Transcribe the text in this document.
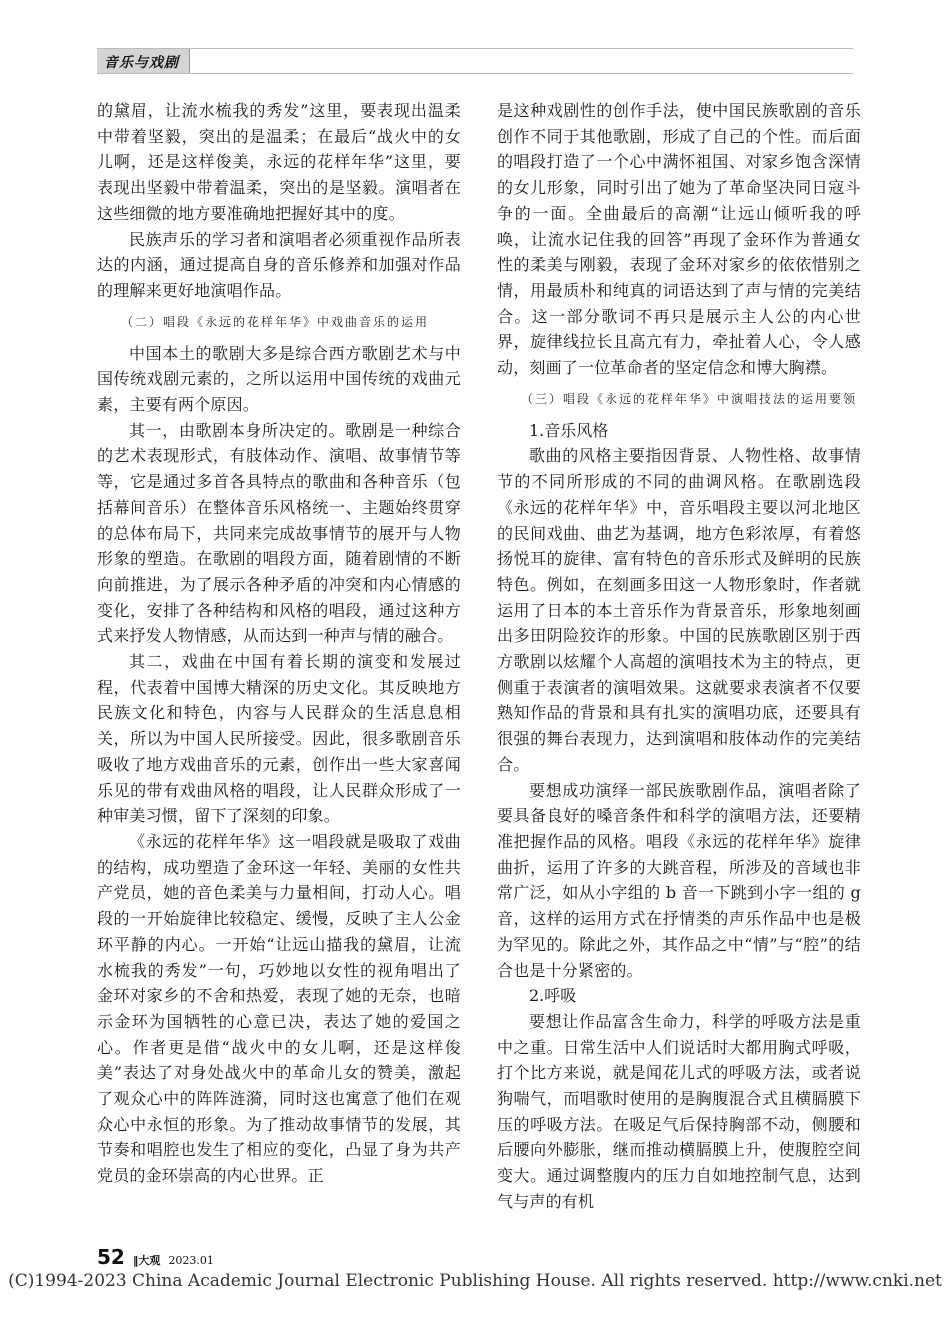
音乐与戏剧

的黛眉，让流水梳我的秀发”这里，要表现出温柔中带着坚毅，突出的是温柔；在最后“战火中的女儿啊，还是这样俊美，永远的花样年华”这里，要表现出坚毅中带着温柔，突出的是坚毅。演唱者在这些细微的地方要准确地把握好其中的度。

民族声乐的学习者和演唱者必须重视作品所表达的内涵，通过提高自身的音乐修养和加强对作品的理解来更好地演唱作品。

（二）唱段《永远的花样年华》中戏曲音乐的运用

中国本土的歌剧大多是综合西方歌剧艺术与中国传统戏剧元素的，之所以运用中国传统的戏曲元素，主要有两个原因。

其一，由歌剧本身所决定的。歌剧是一种综合的艺术表现形式，有肢体动作、演唱、故事情节等等，它是通过多首各具特点的歌曲和各种音乐（包括幕间音乐）在整体音乐风格统一、主题始终贯穿的总体布局下，共同来完成故事情节的展开与人物形象的塑造。在歌剧的唱段方面，随着剧情的不断向前推进，为了展示各种矛盾的冲突和内心情感的变化，安排了各种结构和风格的唱段，通过这种方式来抒发人物情感，从而达到一种声与情的融合。

其二，戏曲在中国有着长期的演变和发展过程，代表着中国博大精深的历史文化。其反映地方民族文化和特色，内容与人民群众的生活息息相关，所以为中国人民所接受。因此，很多歌剧音乐吸收了地方戏曲音乐的元素，创作出一些大家喜闻乐见的带有戏曲风格的唱段，让人民群众形成了一种审美习惯，留下了深刻的印象。

《永远的花样年华》这一唱段就是吸取了戏曲的结构，成功塑造了金环这一年轻、美丽的女性共产党员，她的音色柔美与力量相间，打动人心。唱段的一开始旋律比较稳定、缓慢，反映了主人公金环平静的内心。一开始“让远山描我的黛眉，让流水梳我的秀发”一句，巧妙地以女性的视角唱出了金环对家乡的不舍和热爱，表现了她的无奈，也暗示金环为国牺牲的心意已决，表达了她的爱国之心。作者更是借“战火中的女儿啊，还是这样俊美”表达了对身处战火中的革命儿女的赞美，激起了观众心中的阵阵涟漪，同时这也寓意了他们在观众心中永恒的形象。为了推动故事情节的发展，其节奏和唱腔也发生了相应的变化，凸显了身为共产党员的金环崇高的内心世界。正

是这种戏剧性的创作手法，使中国民族歌剧的音乐创作不同于其他歌剧，形成了自己的个性。而后面的唱段打造了一个心中满怀祖国、对家乡饱含深情的女儿形象，同时引出了她为了革命坚决同日寇斗争的一面。全曲最后的高潮“让远山倾听我的呼唤，让流水记住我的回答”再现了金环作为普通女性的柔美与刚毅，表现了金环对家乡的依依惜别之情，用最质朴和纯真的词语达到了声与情的完美结合。这一部分歌词不再只是展示主人公的内心世界，旋律线拉长且高亢有力，牵扯着人心，令人感动，刻画了一位革命者的坚定信念和博大胸襟。

（三）唱段《永远的花样年华》中演唱技法的运用要领

1.音乐风格

歌曲的风格主要指因背景、人物性格、故事情节的不同所形成的不同的曲调风格。在歌剧选段《永远的花样年华》中，音乐唱段主要以河北地区的民间戏曲、曲艺为基调，地方色彩浓厚，有着悠扬悦耳的旋律、富有特色的音乐形式及鲜明的民族特色。例如，在刻画多田这一人物形象时，作者就运用了日本的本土音乐作为背景音乐，形象地刻画出多田阴险狡诈的形象。中国的民族歌剧区别于西方歌剧以炫耀个人高超的演唱技术为主的特点，更侧重于表演者的演唱效果。这就要求表演者不仅要熟知作品的背景和具有扎实的演唱功底，还要具有很强的舞台表现力，达到演唱和肢体动作的完美结合。

要想成功演绎一部民族歌剧作品，演唱者除了要具备良好的嗓音条件和科学的演唱方法，还要精准把握作品的风格。唱段《永远的花样年华》旋律曲折，运用了许多的大跳音程，所涉及的音域也非常广泛，如从小字组的 b 音一下跳到小字一组的 g 音，这样的运用方式在抒情类的声乐作品中也是极为罕见的。除此之外，其作品之中“情”与“腔”的结合也是十分紧密的。

2.呼吸

要想让作品富含生命力，科学的呼吸方法是重中之重。日常生活中人们说话时大都用胸式呼吸，打个比方来说，就是闻花儿式的呼吸方法，或者说狗喘气，而唱歌时使用的是胸腹混合式且横膈膜下压的呼吸方法。在吸足气后保持胸部不动，侧腰和后腰向外膨胀，继而推动横膈膜上升，使腹腔空间变大。通过调整腹内的压力自如地控制气息，达到气与声的有机

52 ‖大观 2023.01
(C)1994-2023 China Academic Journal Electronic Publishing House. All rights reserved. http://www.cnki.net
